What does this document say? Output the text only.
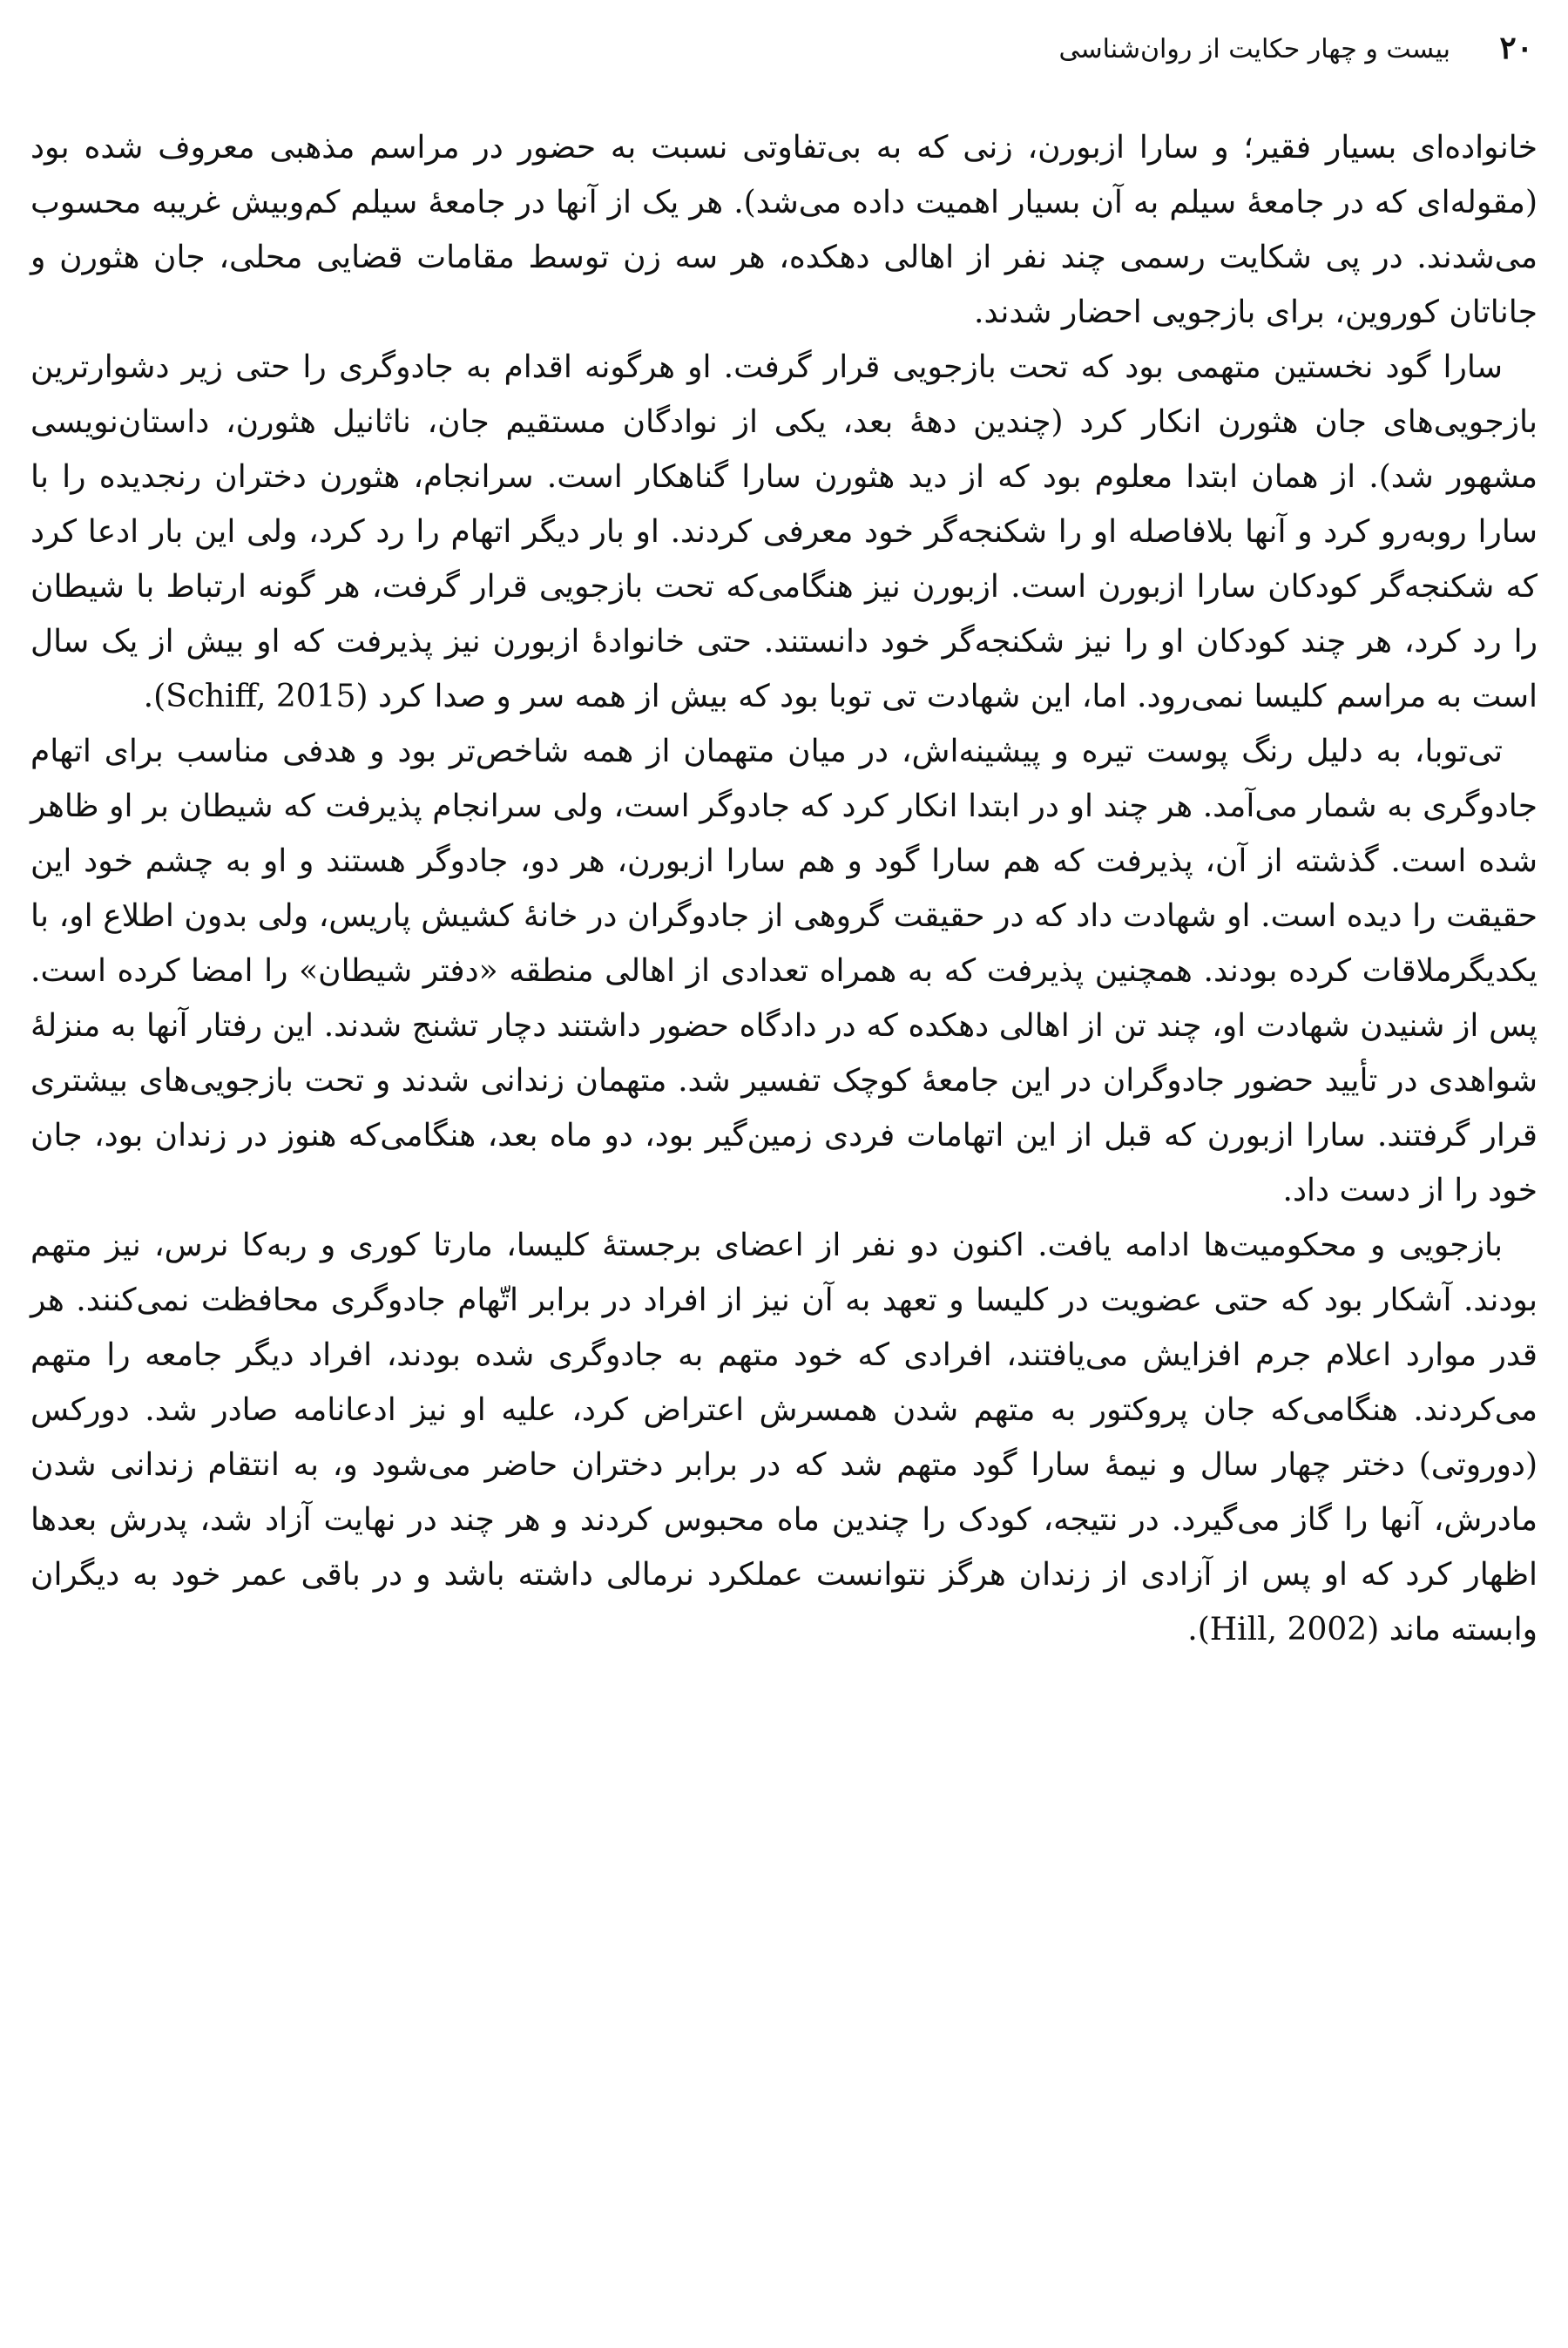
۲۰
بیست و چهار حکایت از روان‌شناسی

خانواده‌ای بسیار فقیر؛ و سارا ازبورن، زنی که به بی‌تفاوتی نسبت به حضور در مراسم مذهبی معروف شده بود (مقوله‌ای که در جامعهٔ سیلم به آن بسیار اهمیت داده می‌شد). هر یک از آنها در جامعهٔ سیلم کم‌وبیش غریبه محسوب می‌شدند. در پی شکایت رسمی چند نفر از اهالی دهکده، هر سه زن توسط مقامات قضایی محلی، جان هثورن و جاناتان کوروین، برای بازجویی احضار شدند.

سارا گود نخستین متهمی بود که تحت بازجویی قرار گرفت. او هرگونه اقدام به جادوگری را حتی زیر دشوارترین بازجویی‌های جان هثورن انکار کرد (چندین دههٔ بعد، یکی از نوادگان مستقیم جان، ناثانیل هثورن، داستان‌نویسی مشهور شد). از همان ابتدا معلوم بود که از دید هثورن سارا گناهکار است. سرانجام، هثورن دختران رنجدیده را با سارا روبه‌رو کرد و آنها بلافاصله او را شکنجه‌گر خود معرفی کردند. او بار دیگر اتهام را رد کرد، ولی این بار ادعا کرد که شکنجه‌گر کودکان سارا ازبورن است. ازبورن نیز هنگامی‌که تحت بازجویی قرار گرفت، هر گونه ارتباط با شیطان را رد کرد، هر چند کودکان او را نیز شکنجه‌گر خود دانستند. حتی خانوادهٔ ازبورن نیز پذیرفت که او بیش از یک سال است به مراسم کلیسا نمی‌رود. اما، این شهادت تی توبا بود که بیش از همه سر و صدا کرد (Schiff, 2015).

تی‌توبا، به دلیل رنگ پوست تیره و پیشینه‌اش، در میان متهمان از همه شاخص‌تر بود و هدفی مناسب برای اتهام جادوگری به شمار می‌آمد. هر چند او در ابتدا انکار کرد که جادوگر است، ولی سرانجام پذیرفت که شیطان بر او ظاهر شده است. گذشته از آن، پذیرفت که هم سارا گود و هم سارا ازبورن، هر دو، جادوگر هستند و او به چشم خود این حقیقت را دیده است. او شهادت داد که در حقیقت گروهی از جادوگران در خانهٔ کشیش پاریس، ولی بدون اطلاع او، با یکدیگرملاقات کرده بودند. همچنین پذیرفت که به همراه تعدادی از اهالی منطقه «دفتر شیطان» را امضا کرده است. پس از شنیدن شهادت او، چند تن از اهالی دهکده که در دادگاه حضور داشتند دچار تشنج شدند. این رفتار آنها به منزلهٔ شواهدی در تأیید حضور جادوگران در این جامعهٔ کوچک تفسیر شد. متهمان زندانی شدند و تحت بازجویی‌های بیشتری قرار گرفتند. سارا ازبورن که قبل از این اتهامات فردی زمین‌گیر بود، دو ماه بعد، هنگامی‌که هنوز در زندان بود، جان خود را از دست داد.

بازجویی و محکومیت‌ها ادامه یافت. اکنون دو نفر از اعضای برجستهٔ کلیسا، مارتا کوری و ربه‌کا نرس، نیز متهم بودند. آشکار بود که حتی عضویت در کلیسا و تعهد به آن نیز از افراد در برابر اتّهام جادوگری محافظت نمی‌کنند. هر قدر موارد اعلام جرم افزایش می‌یافتند، افرادی که خود متهم به جادوگری شده بودند، افراد دیگر جامعه را متهم می‌کردند. هنگامی‌که جان پروکتور به متهم شدن همسرش اعتراض کرد، علیه او نیز ادعانامه صادر شد. دورکس (دوروتی) دختر چهار سال و نیمهٔ سارا گود متهم شد که در برابر دختران حاضر می‌شود و، به انتقام زندانی شدن مادرش، آنها را گاز می‌گیرد. در نتیجه، کودک را چندین ماه محبوس کردند و هر چند در نهایت آزاد شد، پدرش بعدها اظهار کرد که او پس از آزادی از زندان هرگز نتوانست عملکرد نرمالی داشته باشد و در باقی عمر خود به دیگران وابسته ماند (Hill, 2002).
